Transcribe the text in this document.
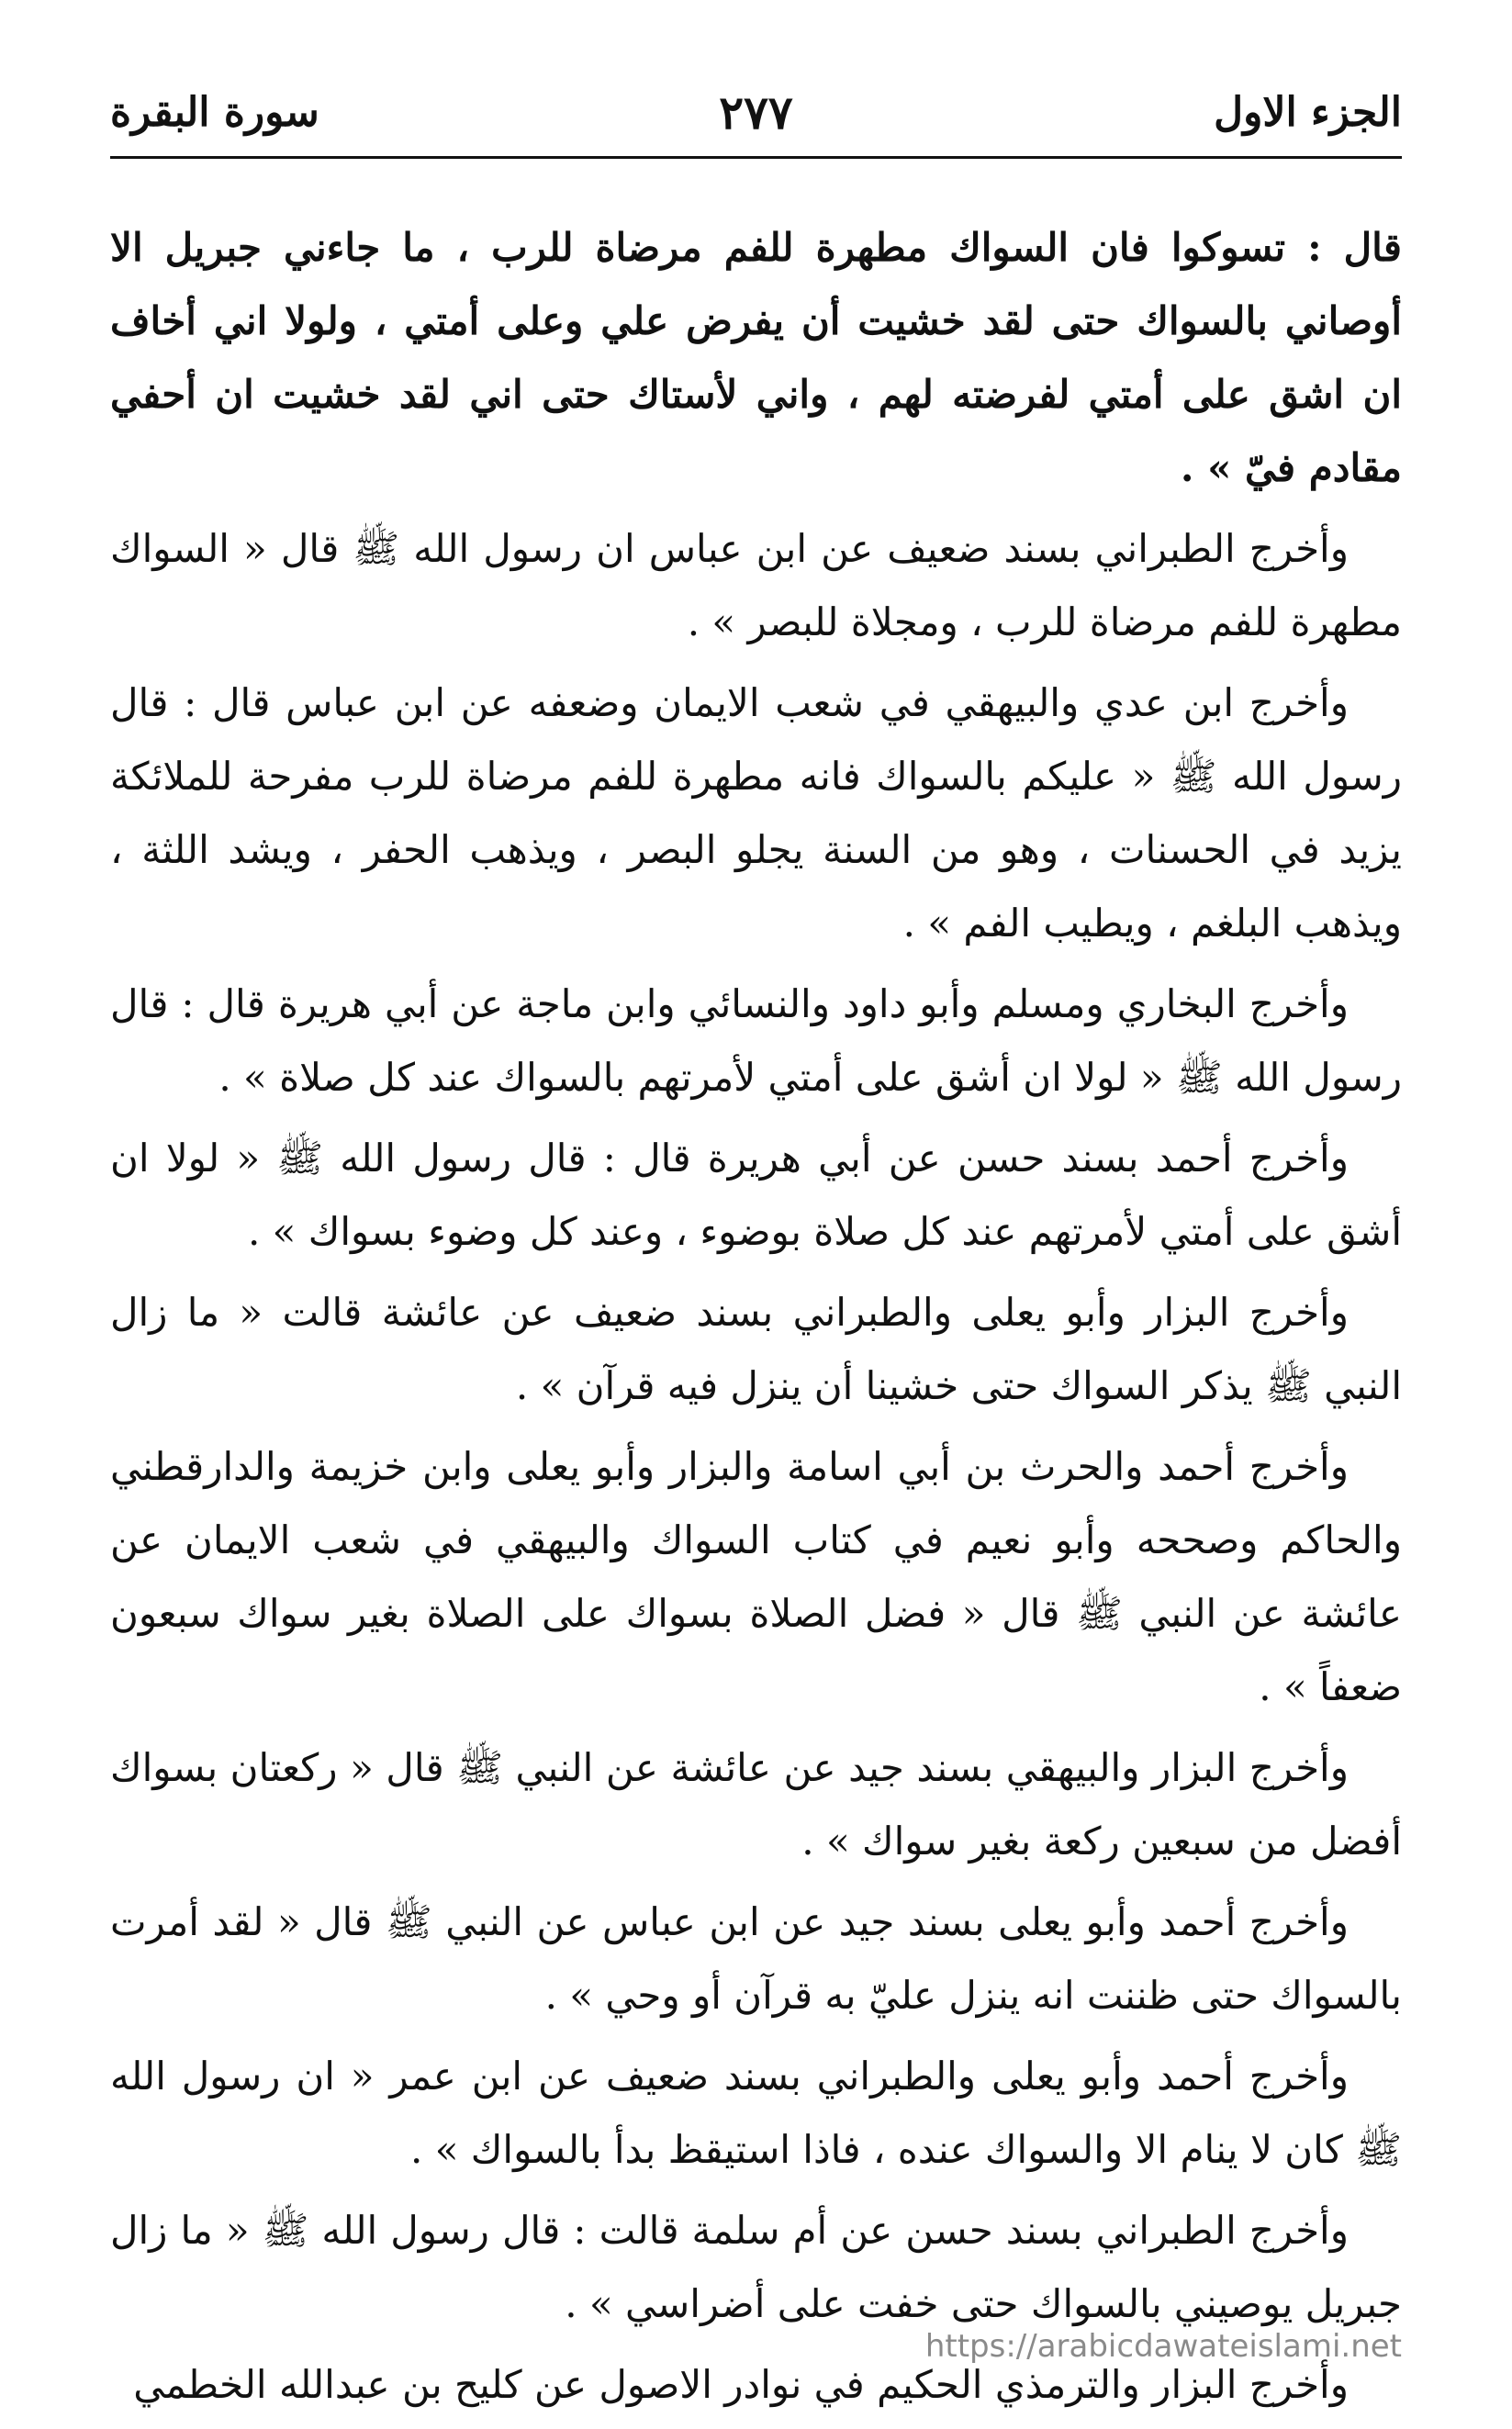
الجزء الاول
٢٧٧
سورة البقرة

قال : تسوكوا فان السواك مطهرة للفم مرضاة للرب ، ما جاءني جبريل الا أوصاني بالسواك حتى لقد خشيت أن يفرض علي وعلى أمتي ، ولولا اني أخاف ان اشق على أمتي لفرضته لهم ، واني لأستاك حتى اني لقد خشيت ان أحفي مقادم فيّ » .

وأخرج الطبراني بسند ضعيف عن ابن عباس ان رسول الله ﷺ قال « السواك مطهرة للفم مرضاة للرب ، ومجلاة للبصر » .

وأخرج ابن عدي والبيهقي في شعب الايمان وضعفه عن ابن عباس قال : قال رسول الله ﷺ « عليكم بالسواك فانه مطهرة للفم مرضاة للرب مفرحة للملائكة يزيد في الحسنات ، وهو من السنة يجلو البصر ، ويذهب الحفر ، ويشد اللثة ، ويذهب البلغم ، ويطيب الفم » .

وأخرج البخاري ومسلم وأبو داود والنسائي وابن ماجة عن أبي هريرة قال : قال رسول الله ﷺ « لولا ان أشق على أمتي لأمرتهم بالسواك عند كل صلاة » .

وأخرج أحمد بسند حسن عن أبي هريرة قال : قال رسول الله ﷺ « لولا ان أشق على أمتي لأمرتهم عند كل صلاة بوضوء ، وعند كل وضوء بسواك » .

وأخرج البزار وأبو يعلى والطبراني بسند ضعيف عن عائشة قالت « ما زال النبي ﷺ يذكر السواك حتى خشينا أن ينزل فيه قرآن » .

وأخرج أحمد والحرث بن أبي اسامة والبزار وأبو يعلى وابن خزيمة والدارقطني والحاكم وصححه وأبو نعيم في كتاب السواك والبيهقي في شعب الايمان عن عائشة عن النبي ﷺ قال « فضل الصلاة بسواك على الصلاة بغير سواك سبعون ضعفاً » .

وأخرج البزار والبيهقي بسند جيد عن عائشة عن النبي ﷺ قال « ركعتان بسواك أفضل من سبعين ركعة بغير سواك » .

وأخرج أحمد وأبو يعلى بسند جيد عن ابن عباس عن النبي ﷺ قال « لقد أمرت بالسواك حتى ظننت انه ينزل عليّ به قرآن أو وحي » .

وأخرج أحمد وأبو يعلى والطبراني بسند ضعيف عن ابن عمر « ان رسول الله ﷺ كان لا ينام الا والسواك عنده ، فاذا استيقظ بدأ بالسواك » .

وأخرج الطبراني بسند حسن عن أم سلمة قالت : قال رسول الله ﷺ « ما زال جبريل يوصيني بالسواك حتى خفت على أضراسي » .

وأخرج البزار والترمذي الحكيم في نوادر الاصول عن كليح بن عبدالله الخطمي

https://arabicdawateislami.net
